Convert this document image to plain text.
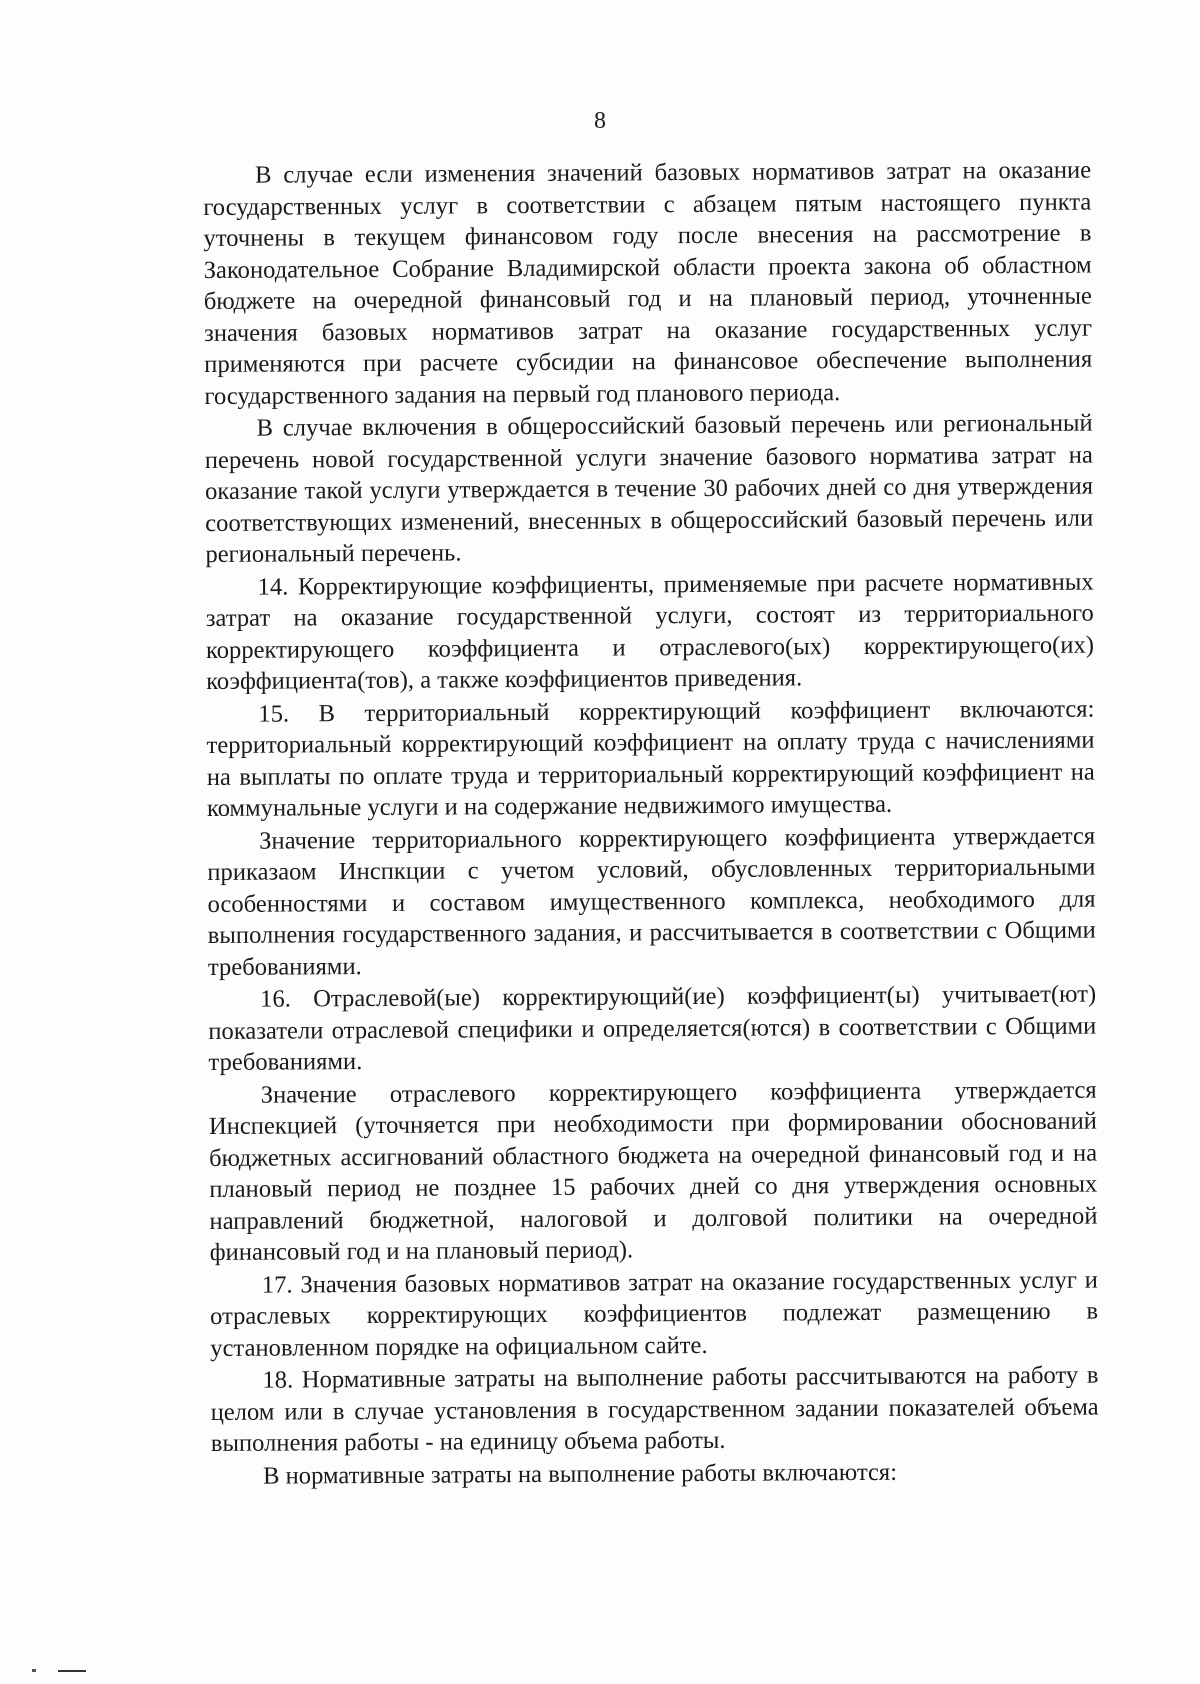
8

В случае если изменения значений базовых нормативов затрат на оказание государственных услуг в соответствии с абзацем пятым настоящего пункта уточнены в текущем финансовом году после внесения на рассмотрение в Законодательное Собрание Владимирской области проекта закона об областном бюджете на очередной финансовый год и на плановый период, уточненные значения базовых нормативов затрат на оказание государственных услуг применяются при расчете субсидии на финансовое обеспечение выполнения государственного задания на первый год планового периода.

В случае включения в общероссийский базовый перечень или региональный перечень новой государственной услуги значение базового норматива затрат на оказание такой услуги утверждается в течение 30 рабочих дней со дня утверждения соответствующих изменений, внесенных в общероссийский базовый перечень или региональный перечень.

14. Корректирующие коэффициенты, применяемые при расчете нормативных затрат на оказание государственной услуги, состоят из территориального корректирующего коэффициента и отраслевого(ых) корректирующего(их) коэффициента(тов), а также коэффициентов приведения.

15. В территориальный корректирующий коэффициент включаются: территориальный корректирующий коэффициент на оплату труда с начислениями на выплаты по оплате труда и территориальный корректирующий коэффициент на коммунальные услуги и на содержание недвижимого имущества.

Значение территориального корректирующего коэффициента утверждается приказаом Инспкции с учетом условий, обусловленных территориальными особенностями и составом имущественного комплекса, необходимого для выполнения государственного задания, и рассчитывается в соответствии с Общими требованиями.

16. Отраслевой(ые) корректирующий(ие) коэффициент(ы) учитывает(ют) показатели отраслевой специфики и определяется(ются) в соответствии с Общими требованиями.

Значение отраслевого корректирующего коэффициента утверждается Инспекцией (уточняется при необходимости при формировании обоснований бюджетных ассигнований областного бюджета на очередной финансовый год и на плановый период не позднее 15 рабочих дней со дня утверждения основных направлений бюджетной, налоговой и долговой политики на очередной финансовый год и на плановый период).

17. Значения базовых нормативов затрат на оказание государственных услуг и отраслевых корректирующих коэффициентов подлежат размещению в установленном порядке на официальном сайте.

18. Нормативные затраты на выполнение работы рассчитываются на работу в целом или в случае установления в государственном задании показателей объема выполнения работы - на единицу объема работы.

В нормативные затраты на выполнение работы включаются:
